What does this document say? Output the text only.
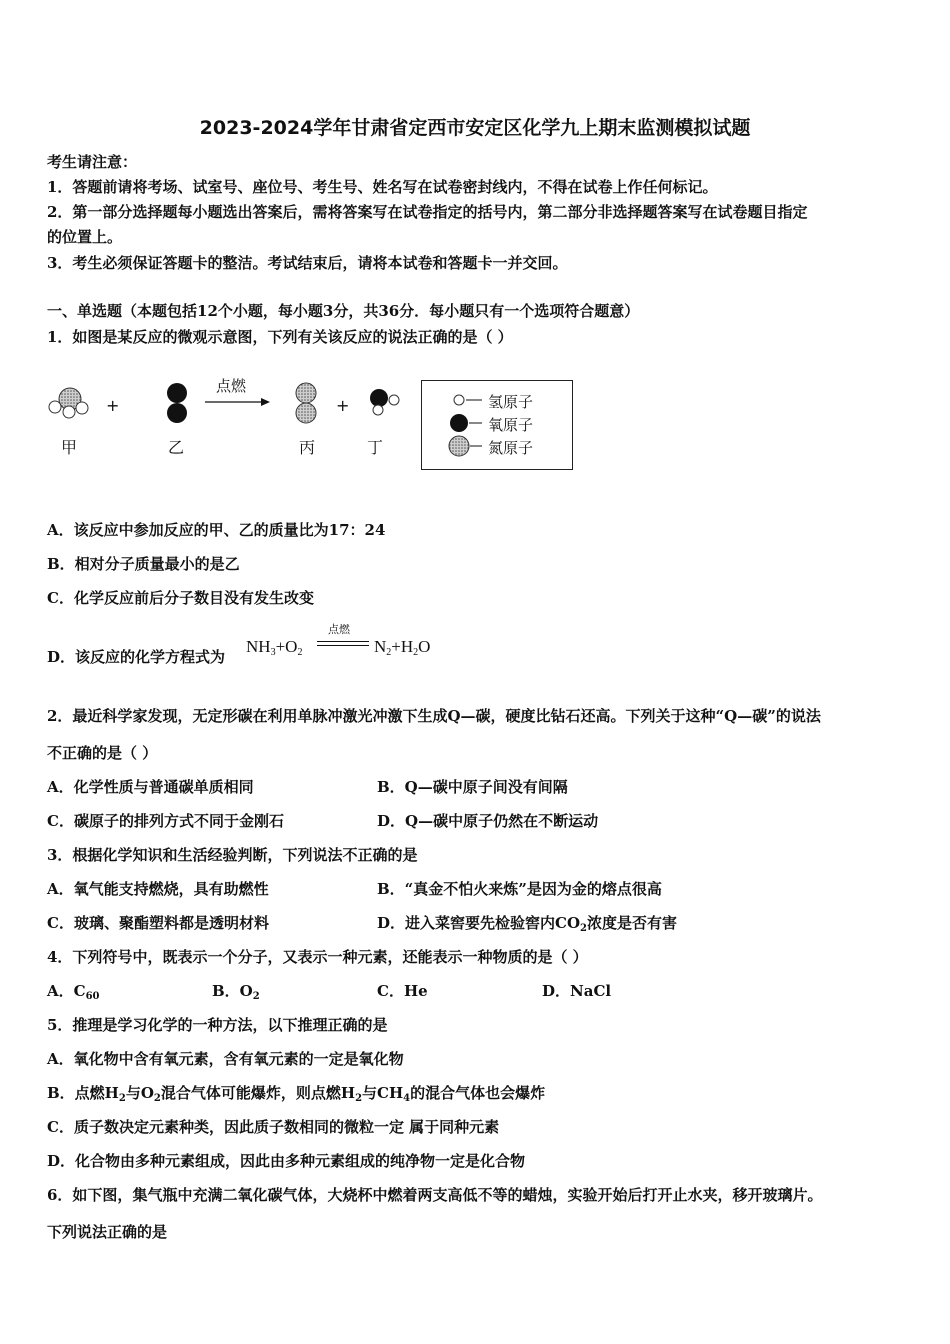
2023-2024学年甘肃省定西市安定区化学九上期末监测模拟试题
考生请注意：
1．答题前请将考场、试室号、座位号、考生号、姓名写在试卷密封线内，不得在试卷上作任何标记。
2．第一部分选择题每小题选出答案后，需将答案写在试卷指定的括号内，第二部分非选择题答案写在试卷题目指定
的位置上。
3．考生必须保证答题卡的整洁。考试结束后，请将本试卷和答题卡一并交回。
一、单选题（本题包括12个小题，每小题3分，共36分．每小题只有一个选项符合题意）
1．如图是某反应的微观示意图，下列有关该反应的说法正确的是（ ）
+	+
点燃
甲	乙	丙	丁
氢原子
氧原子
氮原子
A．该反应中参加反应的甲、乙的质量比为17：24
B．相对分子质量最小的是乙
C．化学反应前后分子数目没有发生改变
D．该反应的化学方程式为
$NH_3+O_2$
点燃
$N_2+H_2O$
2．最近科学家发现，无定形碳在利用单脉冲激光冲激下生成Q—碳，硬度比钻石还高。下列关于这种“Q—碳”的说法
不正确的是（ ）
A．化学性质与普通碳单质相同	B．Q—碳中原子间没有间隔
C．碳原子的排列方式不同于金刚石	D．Q—碳中原子仍然在不断运动
3．根据化学知识和生活经验判断，下列说法不正确的是
A．氧气能支持燃烧，具有助燃性	B．“真金不怕火来炼”是因为金的熔点很高
C．玻璃、聚酯塑料都是透明材料	D．进入菜窖要先检验窖内$CO_2$浓度是否有害
4．下列符号中，既表示一个分子，又表示一种元素，还能表示一种物质的是（ ）
A．$C_{60}$	B．$O_2$	C．He	D．NaCl
5．推理是学习化学的一种方法，以下推理正确的是
A．氧化物中含有氧元素，含有氧元素的一定是氧化物
B．点燃$H_2$与$O_2$混合气体可能爆炸，则点燃$H_2$与$CH_4$的混合气体也会爆炸
C．质子数决定元素种类，因此质子数相同的微粒一定 属于同种元素
D．化合物由多种元素组成，因此由多种元素组成的纯净物一定是化合物
6．如下图，集气瓶中充满二氧化碳气体，大烧杯中燃着两支高低不等的蜡烛，实验开始后打开止水夹，移开玻璃片。
下列说法正确的是
